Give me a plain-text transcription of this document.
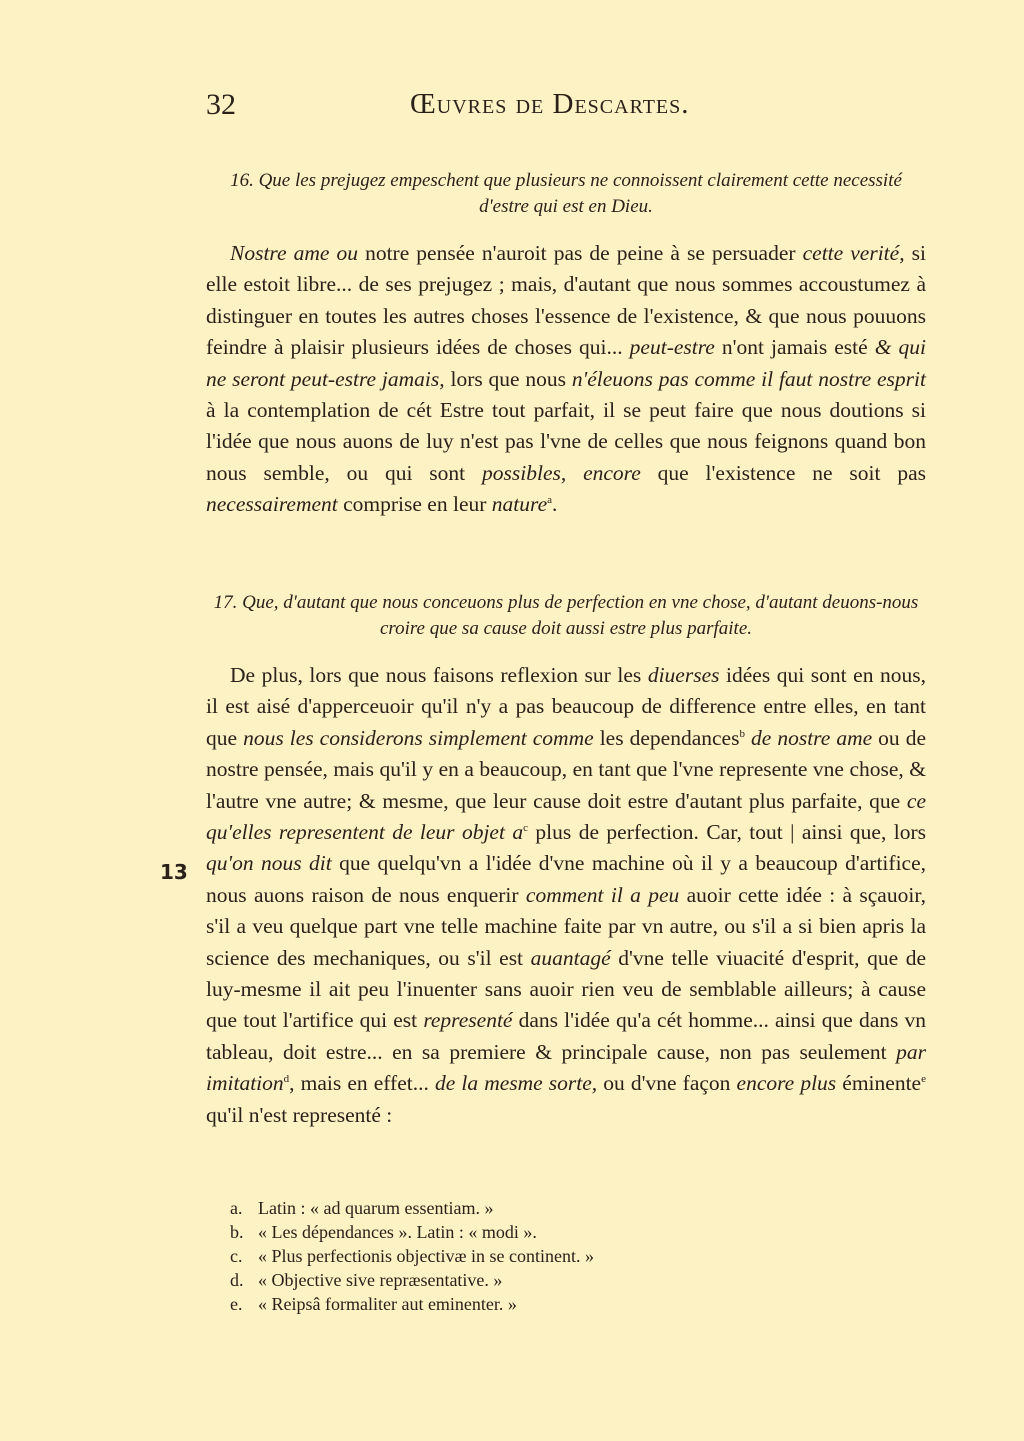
32	Œuvres de Descartes.
16. Que les prejugez empeschent que plusieurs ne connoissent clairement cette necessité d'estre qui est en Dieu.
Nostre ame ou notre pensée n'auroit pas de peine à se persuader cette verité, si elle estoit libre... de ses prejugez ; mais, d'autant que nous sommes accoustumez à distinguer en toutes les autres choses l'essence de l'existence, & que nous pouuons feindre à plaisir plusieurs idées de choses qui... peut-estre n'ont jamais esté & qui ne seront peut-estre jamais, lors que nous n'éleuons pas comme il faut nostre esprit à la contemplation de cét Estre tout parfait, il se peut faire que nous doutions si l'idée que nous auons de luy n'est pas l'vne de celles que nous feignons quand bon nous semble, ou qui sont possibles, encore que l'existence ne soit pas necessairement comprise en leur nature$^a$.
17. Que, d'autant que nous conceuons plus de perfection en vne chose, d'autant deuons-nous croire que sa cause doit aussi estre plus parfaite.
De plus, lors que nous faisons reflexion sur les diuerses idées qui sont en nous, il est aisé d'apperceuoir qu'il n'y a pas beaucoup de difference entre elles, en tant que nous les considerons simplement comme les dependances$^b$ de nostre ame ou de nostre pensée, mais qu'il y en a beaucoup, en tant que l'vne represente vne chose, & l'autre vne autre; & mesme, que leur cause doit estre d'autant plus parfaite, que ce qu'elles representent de leur objet $a^c$ plus de perfection. Car, tout | ainsi que, lors qu'on nous dit que quelqu'vn a l'idée d'vne machine où il y a beaucoup d'artifice, nous auons raison de nous enquerir comment il a peu auoir cette idée : à sçauoir, s'il a veu quelque part vne telle machine faite par vn autre, ou s'il a si bien apris la science des mechaniques, ou s'il est auantagé d'vne telle viuacité d'esprit, que de luy-mesme il ait peu l'inuenter sans auoir rien veu de semblable ailleurs; à cause que tout l'artifice qui est representé dans l'idée qu'a cét homme... ainsi que dans vn tableau, doit estre... en sa premiere & principale cause, non pas seulement par imitation$^d$, mais en effet... de la mesme sorte, ou d'vne façon encore plus éminente$^e$ qu'il n'est representé :
13
a. Latin : « ad quarum essentiam. »
b. « Les dépendances ». Latin : « modi ».
c. « Plus perfectionis objectivæ in se continent. »
d. « Objective sive repræsentative. »
e. « Reipsâ formaliter aut eminenter. »
